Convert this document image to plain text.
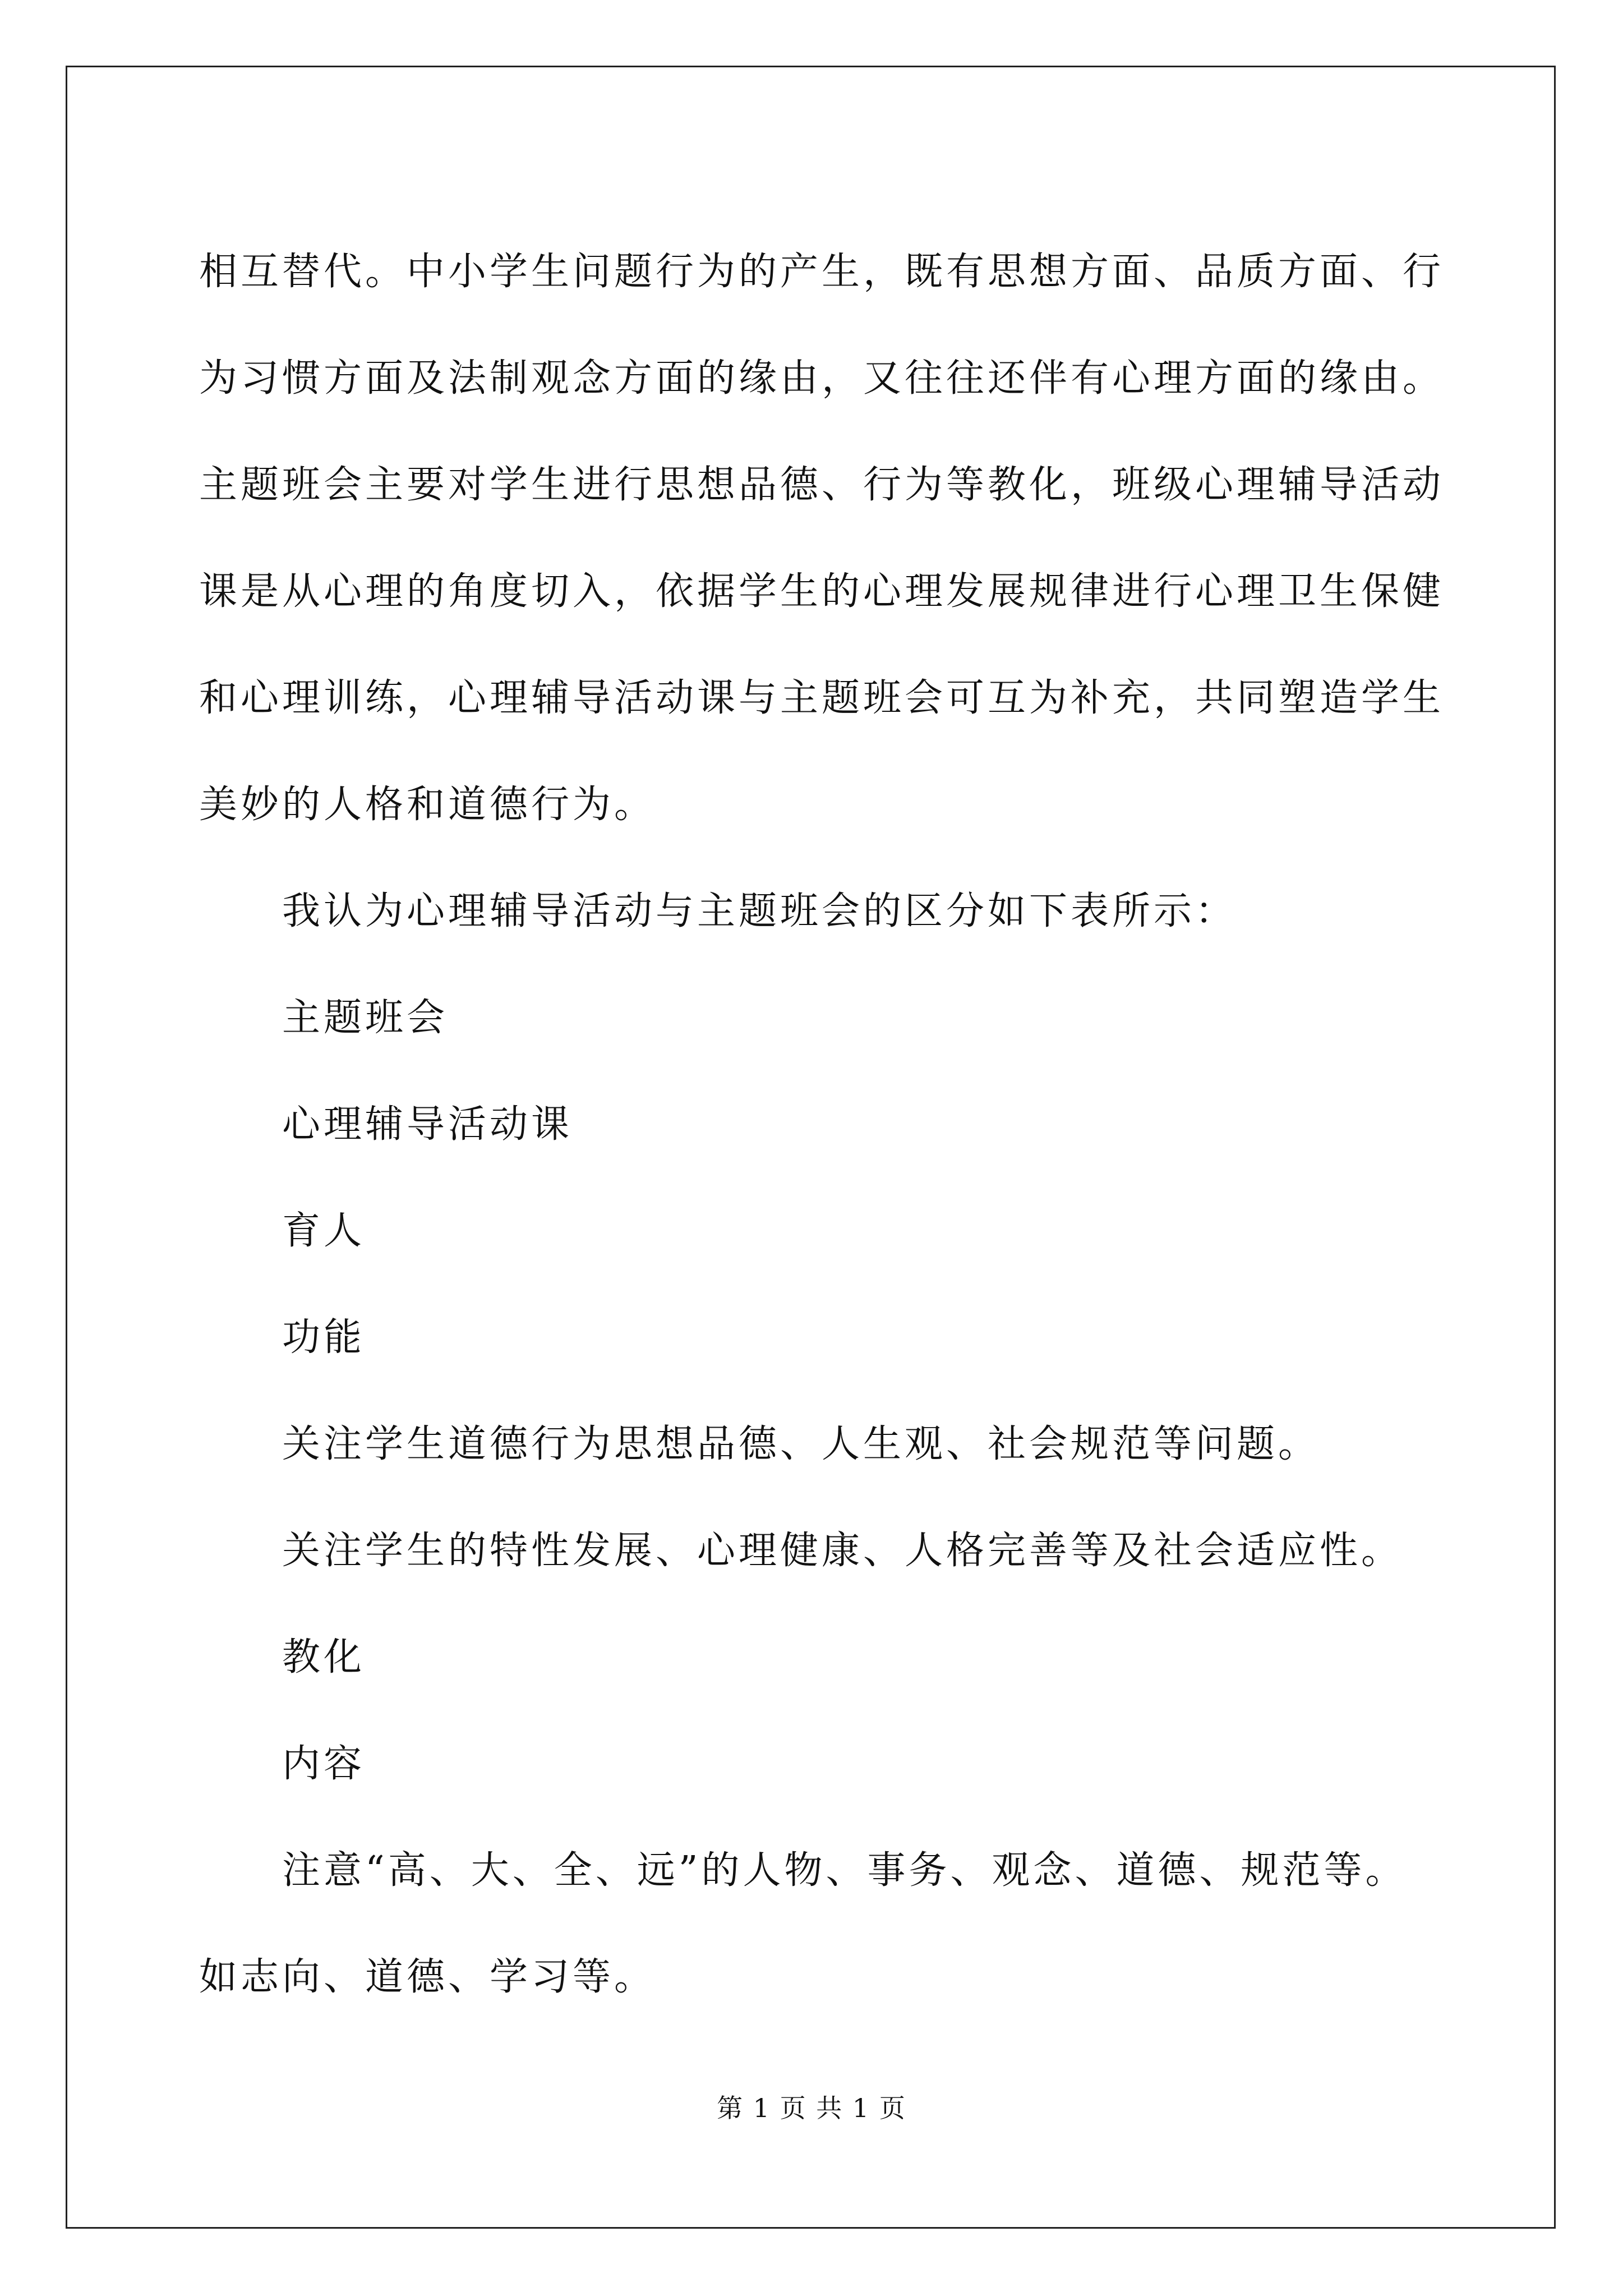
相互替代。中小学生问题行为的产生，既有思想方面、品质方面、行

为习惯方面及法制观念方面的缘由，又往往还伴有心理方面的缘由。

主题班会主要对学生进行思想品德、行为等教化，班级心理辅导活动

课是从心理的角度切入，依据学生的心理发展规律进行心理卫生保健

和心理训练，心理辅导活动课与主题班会可互为补充，共同塑造学生

美妙的人格和道德行为。

我认为心理辅导活动与主题班会的区分如下表所示：

主题班会

心理辅导活动课

育人

功能

关注学生道德行为思想品德、人生观、社会规范等问题。

关注学生的特性发展、心理健康、人格完善等及社会适应性。

教化

内容

注意“高、大、全、远”的人物、事务、观念、道德、规范等。

如志向、道德、学习等。

第 1 页 共 1 页
